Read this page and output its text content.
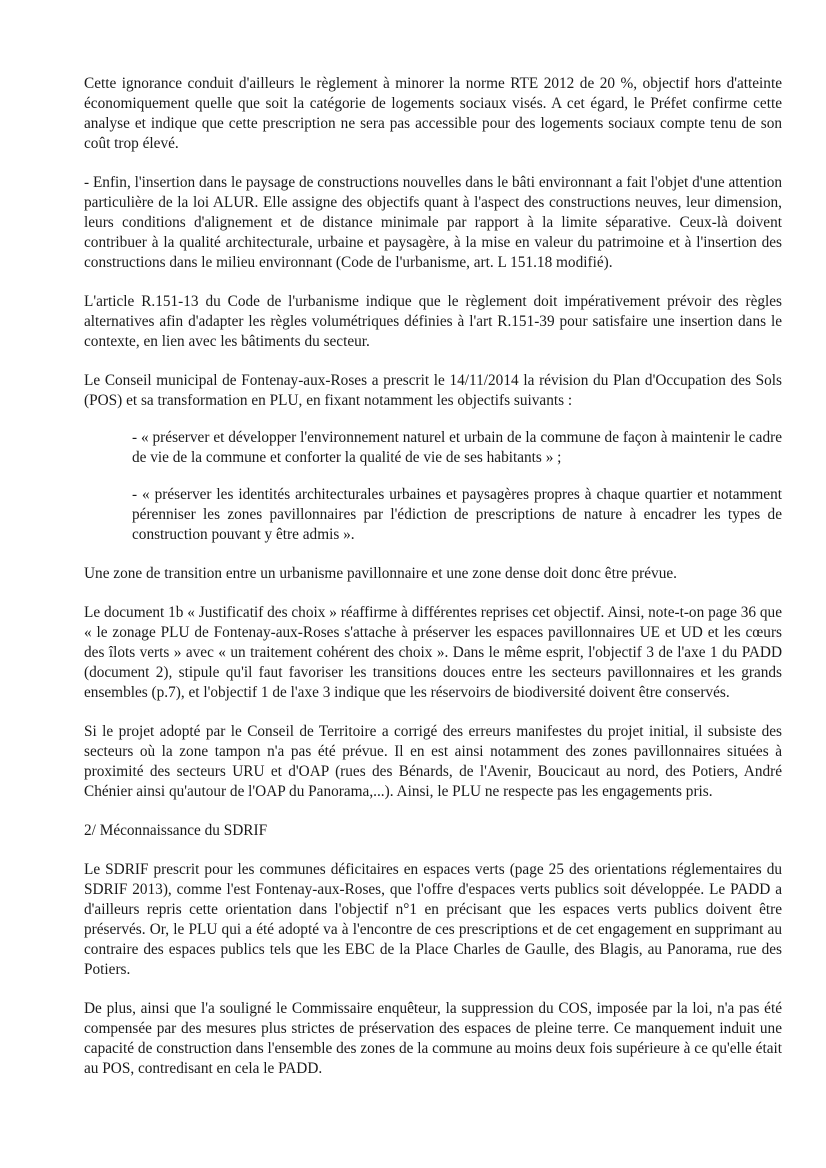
Cette ignorance conduit d'ailleurs le règlement à minorer la norme RTE 2012 de 20 %, objectif hors d'atteinte économiquement quelle que soit la catégorie de logements sociaux visés. A cet égard, le Préfet confirme cette analyse et indique que cette prescription ne sera pas accessible pour des logements sociaux compte tenu de son coût trop élevé.

- Enfin, l'insertion dans le paysage de constructions nouvelles dans le bâti environnant a fait l'objet d'une attention particulière de la loi ALUR. Elle assigne des objectifs quant à l'aspect des constructions neuves, leur dimension, leurs conditions d'alignement et de distance minimale par rapport à la limite séparative. Ceux-là doivent contribuer à la qualité architecturale, urbaine et paysagère, à la mise en valeur du patrimoine et à l'insertion des constructions dans le milieu environnant (Code de l'urbanisme, art. L 151.18 modifié).

L'article R.151-13 du Code de l'urbanisme indique que le règlement doit impérativement prévoir des règles alternatives afin d'adapter les règles volumétriques définies à l'art R.151-39 pour satisfaire une insertion dans le contexte, en lien avec les bâtiments du secteur.

Le Conseil municipal de Fontenay-aux-Roses a prescrit le 14/11/2014 la révision du Plan d'Occupation des Sols (POS) et sa transformation en PLU, en fixant notamment les objectifs suivants :

- « préserver et développer l'environnement naturel et urbain de la commune de façon à maintenir le cadre de vie de la commune et conforter la qualité de vie de ses habitants » ;

- « préserver les identités architecturales urbaines et paysagères propres à chaque quartier et notamment pérenniser les zones pavillonnaires par l'édiction de prescriptions de nature à encadrer les types de construction pouvant y être admis ».

Une zone de transition entre un urbanisme pavillonnaire et une zone dense doit donc être prévue.

Le document 1b « Justificatif des choix » réaffirme à différentes reprises cet objectif. Ainsi, note-t-on page 36 que « le zonage PLU de Fontenay-aux-Roses s'attache à préserver les espaces pavillonnaires UE et UD et les cœurs des îlots verts » avec « un traitement cohérent des choix ». Dans le même esprit, l'objectif 3 de l'axe 1 du PADD (document 2), stipule qu'il faut favoriser les transitions douces entre les secteurs pavillonnaires et les grands ensembles (p.7), et l'objectif 1 de l'axe 3 indique que les réservoirs de biodiversité doivent être conservés.

Si le projet adopté par le Conseil de Territoire a corrigé des erreurs manifestes du projet initial, il subsiste des secteurs où la zone tampon n'a pas été prévue. Il en est ainsi notamment des zones pavillonnaires situées à proximité des secteurs URU et d'OAP (rues des Bénards, de l'Avenir, Boucicaut au nord, des Potiers, André Chénier ainsi qu'autour de l'OAP du Panorama,...). Ainsi, le PLU ne respecte pas les engagements pris.

2/ Méconnaissance du SDRIF

Le SDRIF prescrit pour les communes déficitaires en espaces verts (page 25 des orientations réglementaires du SDRIF 2013), comme l'est Fontenay-aux-Roses, que l'offre d'espaces verts publics soit développée. Le PADD a d'ailleurs repris cette orientation dans l'objectif n°1 en précisant que les espaces verts publics doivent être préservés. Or, le PLU qui a été adopté va à l'encontre de ces prescriptions et de cet engagement en supprimant au contraire des espaces publics tels que les EBC de la Place Charles de Gaulle, des Blagis, au Panorama, rue des Potiers.

De plus, ainsi que l'a souligné le Commissaire enquêteur, la suppression du COS, imposée par la loi, n'a pas été compensée par des mesures plus strictes de préservation des espaces de pleine terre. Ce manquement induit une capacité de construction dans l'ensemble des zones de la commune au moins deux fois supérieure à ce qu'elle était au POS, contredisant en cela le PADD.
